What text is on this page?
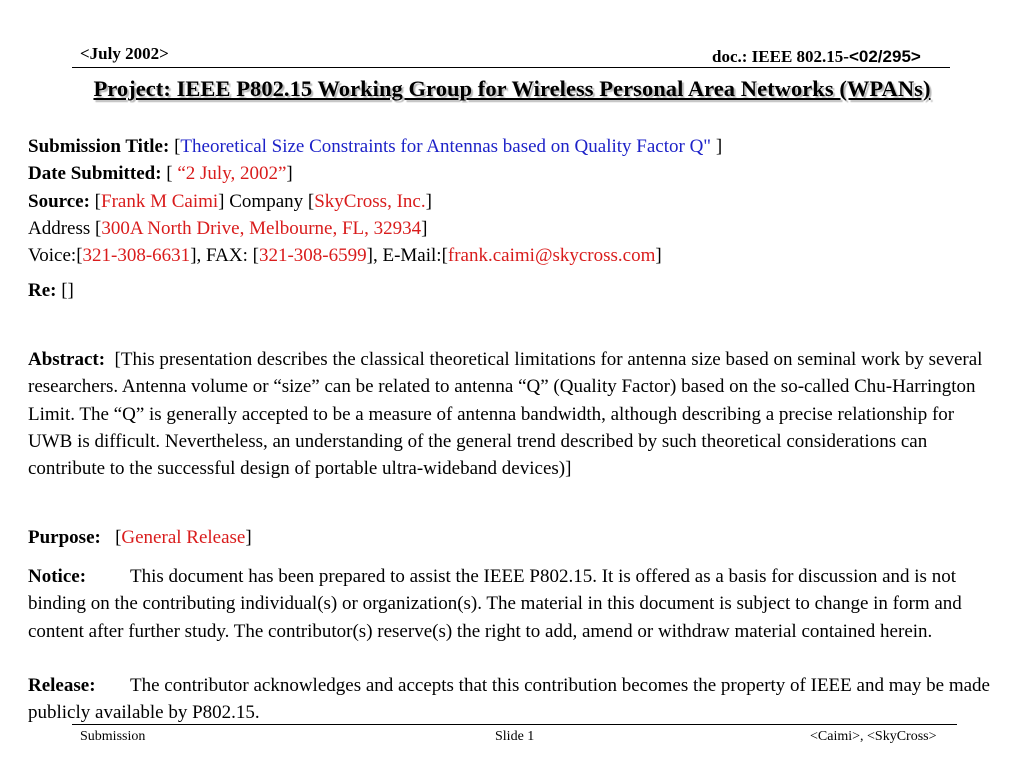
<July 2002>	doc.: IEEE 802.15-<02/295>
Project: IEEE P802.15 Working Group for Wireless Personal Area Networks (WPANs)
Submission Title: [Theoretical Size Constraints for Antennas based on Quality Factor Q" ]
Date Submitted: [ “2 July, 2002”]
Source: [Frank M Caimi] Company [SkyCross, Inc.]
Address [300A North Drive, Melbourne, FL, 32934]
Voice:[321-308-6631], FAX: [321-308-6599], E-Mail:[frank.caimi@skycross.com]
Re: []
Abstract: [This presentation describes the classical theoretical limitations for antenna size based on seminal work by several researchers. Antenna volume or “size” can be related to antenna “Q” (Quality Factor) based on the so-called Chu-Harrington Limit. The “Q” is generally accepted to be a measure of antenna bandwidth, although describing a precise relationship for UWB is difficult. Nevertheless, an understanding of the general trend described by such theoretical considerations can contribute to the successful design of portable ultra-wideband devices)]
Purpose:   [General Release]
Notice: This document has been prepared to assist the IEEE P802.15. It is offered as a basis for discussion and is not binding on the contributing individual(s) or organization(s). The material in this document is subject to change in form and content after further study. The contributor(s) reserve(s) the right to add, amend or withdraw material contained herein.
Release: The contributor acknowledges and accepts that this contribution becomes the property of IEEE and may be made publicly available by P802.15.
Submission	Slide 1	<Caimi>, <SkyCross>
